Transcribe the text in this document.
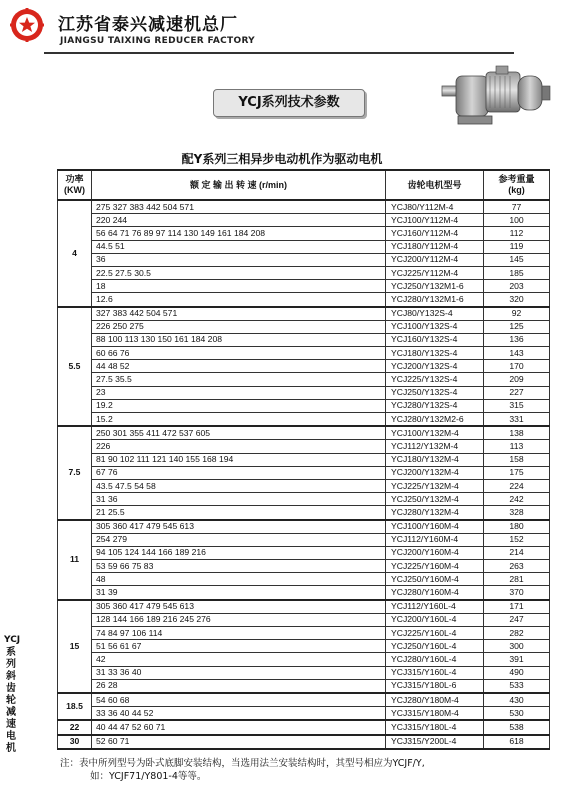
江苏省泰兴减速机总厂
JIANGSU TAIXING REDUCER FACTORY
YCJ系列技术参数
配Y系列三相异步电动机作为驱动电机
功率
(KW)	额 定 输 出 转 速 (r/min)	齿轮电机型号	参考重量
(kg)
4	275 327 383 442 504 571	YCJ80/Y112M-4	77
	220 244	YCJ100/Y112M-4	100
	56 64 71 76 89 97 114 130 149 161 184 208	YCJ160/Y112M-4	112
	44.5 51	YCJ180/Y112M-4	119
	36	YCJ200/Y112M-4	145
	22.5 27.5 30.5	YCJ225/Y112M-4	185
	18	YCJ250/Y132M1-6	203
	12.6	YCJ280/Y132M1-6	320
5.5	327 383 442 504 571	YCJ80/Y132S-4	92
	226 250 275	YCJ100/Y132S-4	125
	88 100 113 130 150 161 184 208	YCJ160/Y132S-4	136
	60 66 76	YCJ180/Y132S-4	143
	44 48 52	YCJ200/Y132S-4	170
	27.5 35.5	YCJ225/Y132S-4	209
	23	YCJ250/Y132S-4	227
	19.2	YCJ280/Y132S-4	315
	15.2	YCJ280/Y132M2-6	331
7.5	250 301 355 411 472 537 605	YCJ100/Y132M-4	138
	226	YCJ112/Y132M-4	113
	81 90 102 111 121 140 155 168 194	YCJ180/Y132M-4	158
	67 76	YCJ200/Y132M-4	175
	43.5 47.5 54 58	YCJ225/Y132M-4	224
	31 36	YCJ250/Y132M-4	242
	21 25.5	YCJ280/Y132M-4	328
11	305 360 417 479 545 613	YCJ100/Y160M-4	180
	254 279	YCJ112/Y160M-4	152
	94 105 124 144 166 189 216	YCJ200/Y160M-4	214
	53 59 66 75 83	YCJ225/Y160M-4	263
	48	YCJ250/Y160M-4	281
	31 39	YCJ280/Y160M-4	370
15	305 360 417 479 545 613	YCJ112/Y160L-4	171
	128 144 166 189 216 245 276	YCJ200/Y160L-4	247
	74 84 97 106 114	YCJ225/Y160L-4	282
	51 56 61 67	YCJ250/Y160L-4	300
	42	YCJ280/Y160L-4	391
	31 33 36 40	YCJ315/Y160L-4	490
	26 28	YCJ315/Y180L-6	533
18.5	54 60 68	YCJ280/Y180M-4	430
	33 36 40 44 52	YCJ315/Y180M-4	530
22	40 44 47 52 60 71	YCJ315/Y180L-4	538
30	52 60 71	YCJ315/Y200L-4	618
YCJ
系
列
斜
齿
轮
减
速
电
机
注：表中所列型号为卧式底脚安装结构，当选用法兰安装结构时，其型号相应为YCJF/Y,
如：YCJF71/Y801-4等等。
